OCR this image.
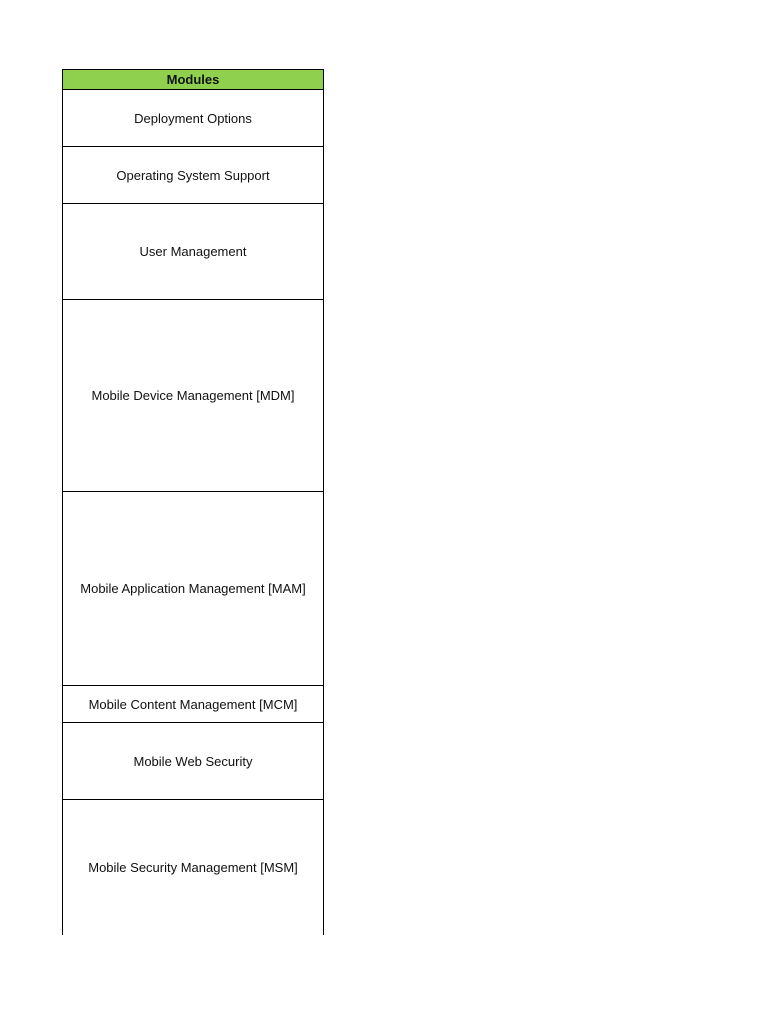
Modules
Deployment Options
Operating System Support
User Management
Mobile Device Management [MDM]
Mobile Application Management [MAM]
Mobile Content Management [MCM]
Mobile Web Security
Mobile Security Management [MSM]
